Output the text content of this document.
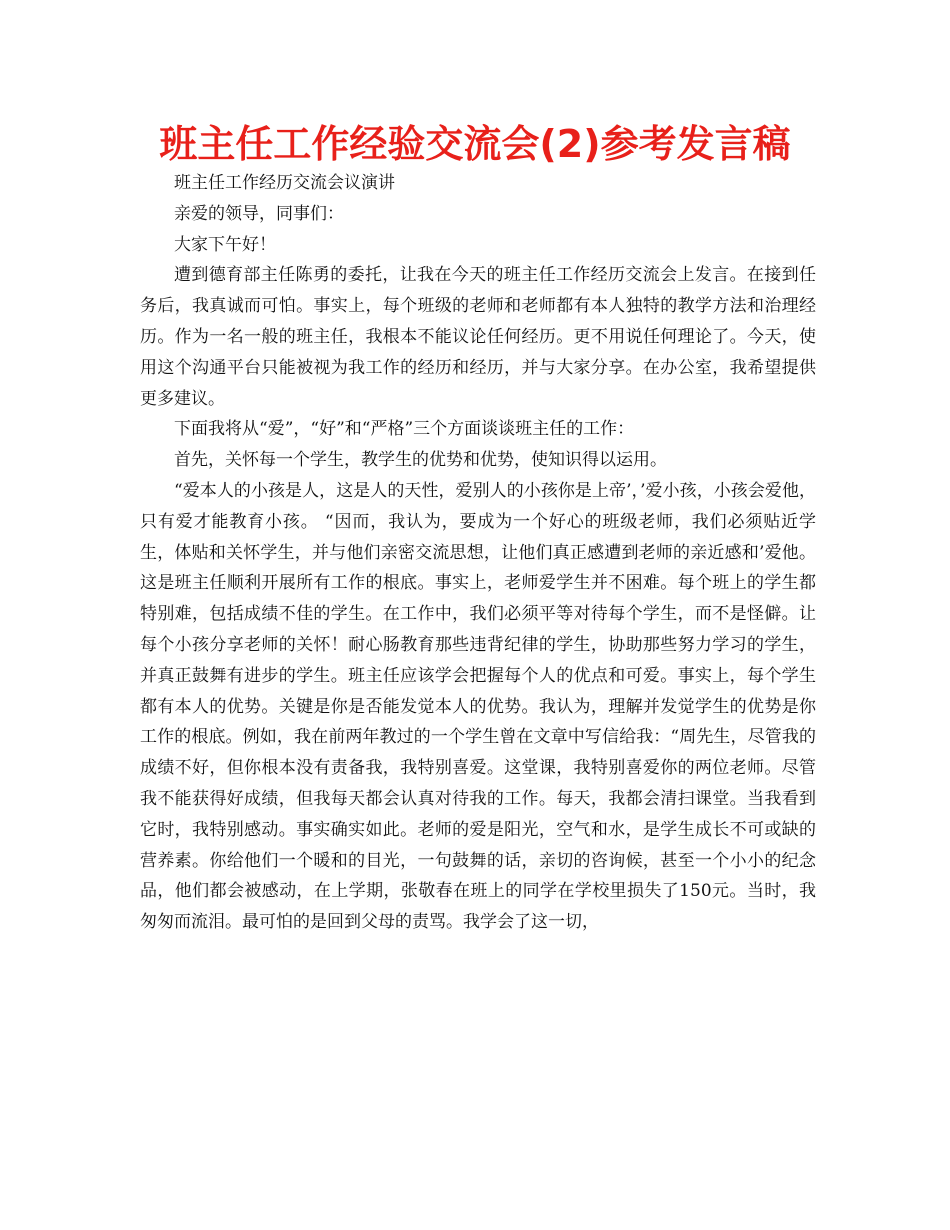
班主任工作经验交流会(2)参考发言稿

班主任工作经历交流会议演讲

亲爱的领导，同事们：

大家下午好！

遭到德育部主任陈勇的委托，让我在今天的班主任工作经历交流会上发言。在接到任务后，我真诚而可怕。事实上，每个班级的老师和老师都有本人独特的教学方法和治理经历。作为一名一般的班主任，我根本不能议论任何经历。更不用说任何理论了。今天，使用这个沟通平台只能被视为我工作的经历和经历，并与大家分享。在办公室，我希望提供更多建议。

下面我将从“爱”，“好”和“严格”三个方面谈谈班主任的工作：

首先，关怀每一个学生，教学生的优势和优势，使知识得以运用。

“爱本人的小孩是人，这是人的天性，爱别人的小孩你是上帝’，’爱小孩，小孩会爱他，只有爱才能教育小孩。 “因而，我认为，要成为一个好心的班级老师，我们必须贴近学生，体贴和关怀学生，并与他们亲密交流思想，让他们真正感遭到老师的亲近感和’爱他。这是班主任顺利开展所有工作的根底。事实上，老师爱学生并不困难。每个班上的学生都特别难，包括成绩不佳的学生。在工作中，我们必须平等对待每个学生，而不是怪僻。让每个小孩分享老师的关怀！耐心肠教育那些违背纪律的学生，协助那些努力学习的学生，并真正鼓舞有进步的学生。班主任应该学会把握每个人的优点和可爱。事实上，每个学生都有本人的优势。关键是你是否能发觉本人的优势。我认为，理解并发觉学生的优势是你工作的根底。例如，我在前两年教过的一个学生曾在文章中写信给我：“周先生，尽管我的成绩不好，但你根本没有责备我，我特别喜爱。这堂课，我特别喜爱你的两位老师。尽管我不能获得好成绩，但我每天都会认真对待我的工作。每天，我都会清扫课堂。当我看到它时，我特别感动。事实确实如此。老师的爱是阳光，空气和水，是学生成长不可或缺的营养素。你给他们一个暖和的目光，一句鼓舞的话，亲切的咨询候，甚至一个小小的纪念品，他们都会被感动，在上学期，张敬春在班上的同学在学校里损失了150元。当时，我匆匆而流泪。最可怕的是回到父母的责骂。我学会了这一切，
